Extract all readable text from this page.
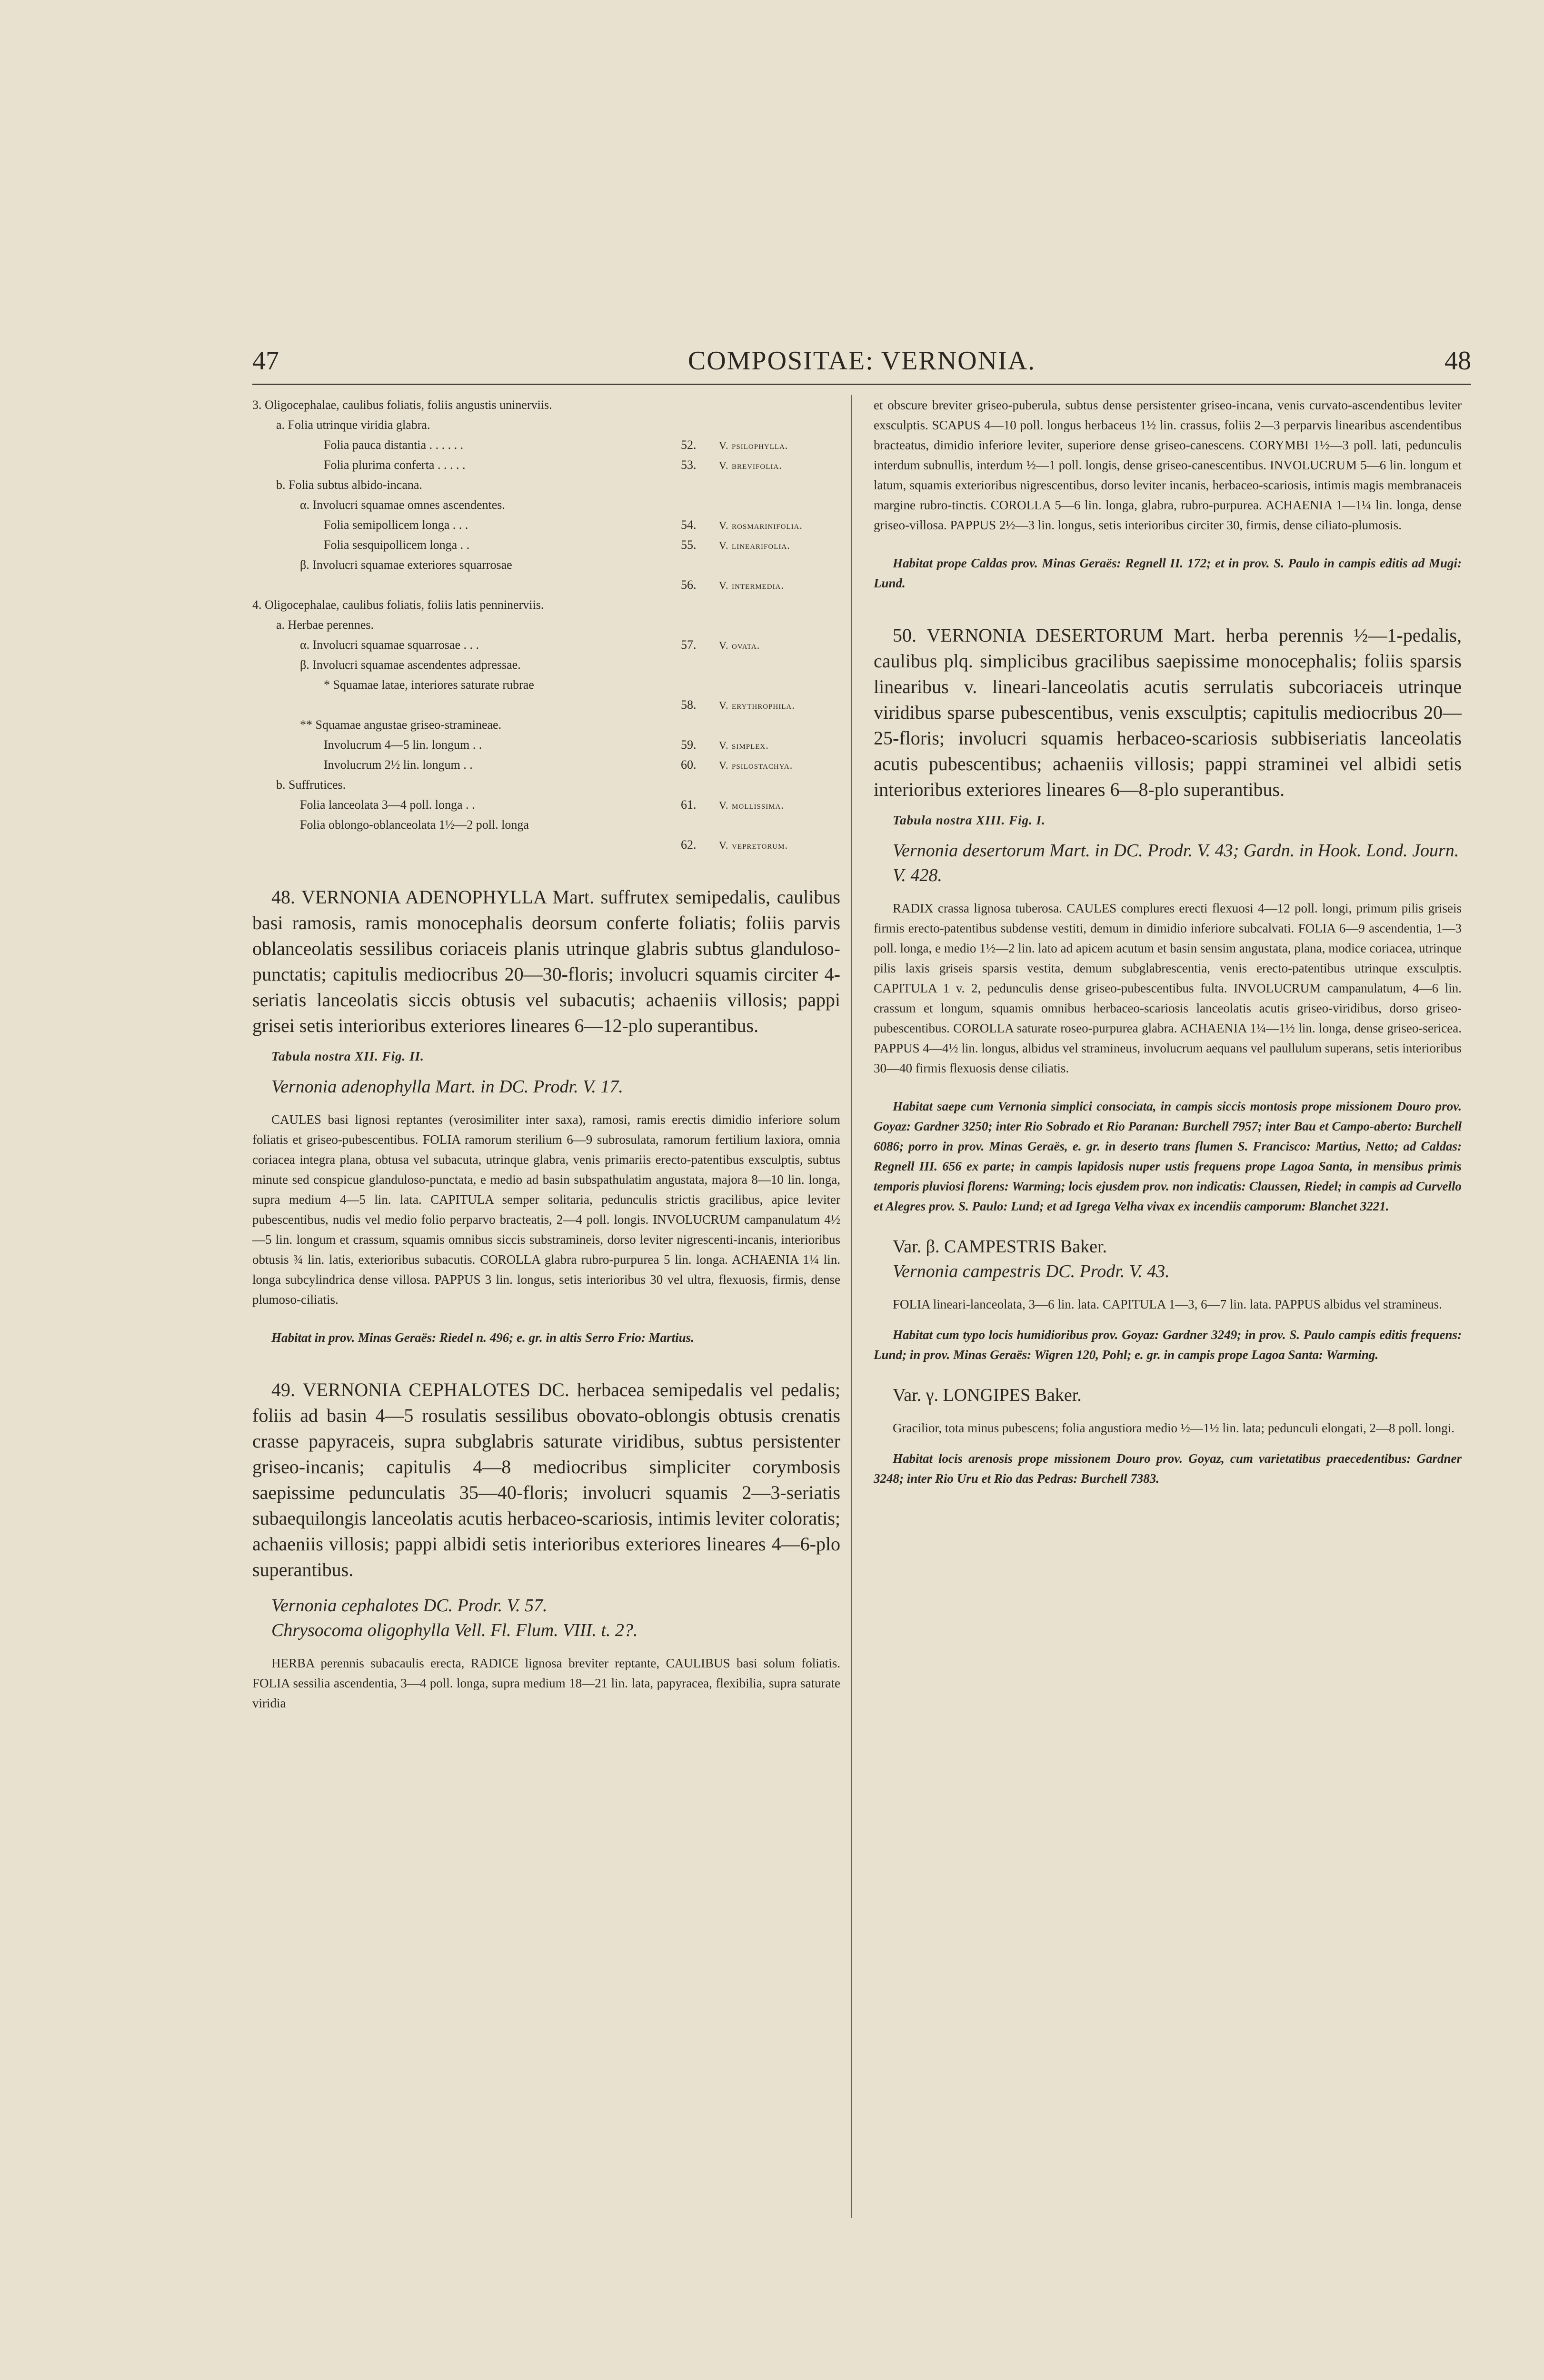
47	COMPOSITAE: VERNONIA.	48
3. Oligocephalae, caulibus foliatis, foliis angustis uninerviis.
a. Folia utrinque viridia glabra.
Folia pauca distantia . . . . . .	52. V. psilophylla.
Folia plurima conferta . . . . .	53. V. brevifolia.
b. Folia subtus albido-incana.
α. Involucri squamae omnes ascendentes.
Folia semipollicem longa . . .	54. V. rosmarinifolia.
Folia sesquipollicem longa . .	55. V. linearifolia.
β. Involucri squamae exteriores squarrosae
56. V. intermedia.
4. Oligocephalae, caulibus foliatis, foliis latis penninerviis.
a. Herbae perennes.
α. Involucri squamae squarrosae . . .	57. V. ovata.
β. Involucri squamae ascendentes adpressae.
* Squamae latae, interiores saturate rubrae
58. V. erythrophila.
** Squamae angustae griseo-stramineae.
Involucrum 4—5 lin. longum . .	59. V. simplex.
Involucrum 2½ lin. longum . .	60. V. psilostachya.
b. Suffrutices.
Folia lanceolata 3—4 poll. longa . .	61. V. mollissima.
Folia oblongo-oblanceolata 1½—2 poll. longa
62. V. vepretorum.
48. VERNONIA ADENOPHYLLA Mart. suffrutex semipedalis, caulibus basi ramosis, ramis monocephalis deorsum conferte foliatis; foliis parvis oblanceolatis sessilibus coriaceis planis utrinque glabris subtus glanduloso-punctatis; capitulis mediocribus 20—30-floris; involucri squamis circiter 4-seriatis lanceolatis siccis obtusis vel subacutis; achaeniis villosis; pappi grisei setis interioribus exteriores lineares 6—12-plo superantibus.
Tabula nostra XII. Fig. II.
Vernonia adenophylla Mart. in DC. Prodr. V. 17.
CAULES basi lignosi reptantes (verosimiliter inter saxa), ramosi, ramis erectis dimidio inferiore solum foliatis et griseo-pubescentibus. FOLIA ramorum sterilium 6—9 subrosulata, ramorum fertilium laxiora, omnia coriacea integra plana, obtusa vel subacuta, utrinque glabra, venis primariis erecto-patentibus exsculptis, subtus minute sed conspicue glanduloso-punctata, e medio ad basin subspathulatim angustata, majora 8—10 lin. longa, supra medium 4—5 lin. lata. CAPITULA semper solitaria, pedunculis strictis gracilibus, apice leviter pubescentibus, nudis vel medio folio perparvo bracteatis, 2—4 poll. longis. INVOLUCRUM campanulatum 4½—5 lin. longum et crassum, squamis omnibus siccis substramineis, dorso leviter nigrescenti-incanis, interioribus obtusis ¾ lin. latis, exterioribus subacutis. COROLLA glabra rubro-purpurea 5 lin. longa. ACHAENIA 1¼ lin. longa subcylindrica dense villosa. PAPPUS 3 lin. longus, setis interioribus 30 vel ultra, flexuosis, firmis, dense plumoso-ciliatis.
Habitat in prov. Minas Geraës: Riedel n. 496; e. gr. in altis Serro Frio: Martius.
49. VERNONIA CEPHALOTES DC. herbacea semipedalis vel pedalis; foliis ad basin 4—5 rosulatis sessilibus obovato-oblongis obtusis crenatis crasse papyraceis, supra subglabris saturate viridibus, subtus persistenter griseo-incanis; capitulis 4—8 mediocribus simpliciter corymbosis saepissime pedunculatis 35—40-floris; involucri squamis 2—3-seriatis subaequilongis lanceolatis acutis herbaceo-scariosis, intimis leviter coloratis; achaeniis villosis; pappi albidi setis interioribus exteriores lineares 4—6-plo superantibus.
Vernonia cephalotes DC. Prodr. V. 57.
Chrysocoma oligophylla Vell. Fl. Flum. VIII. t. 2?.
HERBA perennis subacaulis erecta, RADICE lignosa breviter reptante, CAULIBUS basi solum foliatis. FOLIA sessilia ascendentia, 3—4 poll. longa, supra medium 18—21 lin. lata, papyracea, flexibilia, supra saturate viridia
et obscure breviter griseo-puberula, subtus dense persistenter griseo-incana, venis curvato-ascendentibus leviter exsculptis. SCAPUS 4—10 poll. longus herbaceus 1½ lin. crassus, foliis 2—3 perparvis linearibus ascendentibus bracteatus, dimidio inferiore leviter, superiore dense griseo-canescens. CORYMBI 1½—3 poll. lati, pedunculis interdum subnullis, interdum ½—1 poll. longis, dense griseo-canescentibus. INVOLUCRUM 5—6 lin. longum et latum, squamis exterioribus nigrescentibus, dorso leviter incanis, herbaceo-scariosis, intimis magis membranaceis margine rubro-tinctis. COROLLA 5—6 lin. longa, glabra, rubro-purpurea. ACHAENIA 1—1¼ lin. longa, dense griseo-villosa. PAPPUS 2½—3 lin. longus, setis interioribus circiter 30, firmis, dense ciliato-plumosis.
Habitat prope Caldas prov. Minas Geraës: Regnell II. 172; et in prov. S. Paulo in campis editis ad Mugi: Lund.
50. VERNONIA DESERTORUM Mart. herba perennis ½—1-pedalis, caulibus plq. simplicibus gracilibus saepissime monocephalis; foliis sparsis linearibus v. lineari-lanceolatis acutis serrulatis subcoriaceis utrinque viridibus sparse pubescentibus, venis exsculptis; capitulis mediocribus 20—25-floris; involucri squamis herbaceo-scariosis subbiseriatis lanceolatis acutis pubescentibus; achaeniis villosis; pappi straminei vel albidi setis interioribus exteriores lineares 6—8-plo superantibus.
Tabula nostra XIII. Fig. I.
Vernonia desertorum Mart. in DC. Prodr. V. 43; Gardn. in Hook. Lond. Journ. V. 428.
RADIX crassa lignosa tuberosa. CAULES complures erecti flexuosi 4—12 poll. longi, primum pilis griseis firmis erecto-patentibus subdense vestiti, demum in dimidio inferiore subcalvati. FOLIA 6—9 ascendentia, 1—3 poll. longa, e medio 1½—2 lin. lato ad apicem acutum et basin sensim angustata, plana, modice coriacea, utrinque pilis laxis griseis sparsis vestita, demum subglabrescentia, venis erecto-patentibus utrinque exsculptis. CAPITULA 1 v. 2, pedunculis dense griseo-pubescentibus fulta. INVOLUCRUM campanulatum, 4—6 lin. crassum et longum, squamis omnibus herbaceo-scariosis lanceolatis acutis griseo-viridibus, dorso griseo-pubescentibus. COROLLA saturate roseo-purpurea glabra. ACHAENIA 1¼—1½ lin. longa, dense griseo-sericea. PAPPUS 4—4½ lin. longus, albidus vel stramineus, involucrum aequans vel paullulum superans, setis interioribus 30—40 firmis flexuosis dense ciliatis.
Habitat saepe cum Vernonia simplici consociata, in campis siccis montosis prope missionem Douro prov. Goyaz: Gardner 3250; inter Rio Sobrado et Rio Paranan: Burchell 7957; inter Bau et Campo-aberto: Burchell 6086; porro in prov. Minas Geraës, e. gr. in deserto trans flumen S. Francisco: Martius, Netto; ad Caldas: Regnell III. 656 ex parte; in campis lapidosis nuper ustis frequens prope Lagoa Santa, in mensibus primis temporis pluviosi florens: Warming; locis ejusdem prov. non indicatis: Claussen, Riedel; in campis ad Curvello et Alegres prov. S. Paulo: Lund; et ad Igrega Velha vivax ex incendiis camporum: Blanchet 3221.
Var. β. CAMPESTRIS Baker.
Vernonia campestris DC. Prodr. V. 43.
FOLIA lineari-lanceolata, 3—6 lin. lata. CAPITULA 1—3, 6—7 lin. lata. PAPPUS albidus vel stramineus.
Habitat cum typo locis humidioribus prov. Goyaz: Gardner 3249; in prov. S. Paulo campis editis frequens: Lund; in prov. Minas Geraës: Wigren 120, Pohl; e. gr. in campis prope Lagoa Santa: Warming.
Var. γ. LONGIPES Baker.
Gracilior, tota minus pubescens; folia angustiora medio ½—1½ lin. lata; pedunculi elongati, 2—8 poll. longi.
Habitat locis arenosis prope missionem Douro prov. Goyaz, cum varietatibus praecedentibus: Gardner 3248; inter Rio Uru et Rio das Pedras: Burchell 7383.
